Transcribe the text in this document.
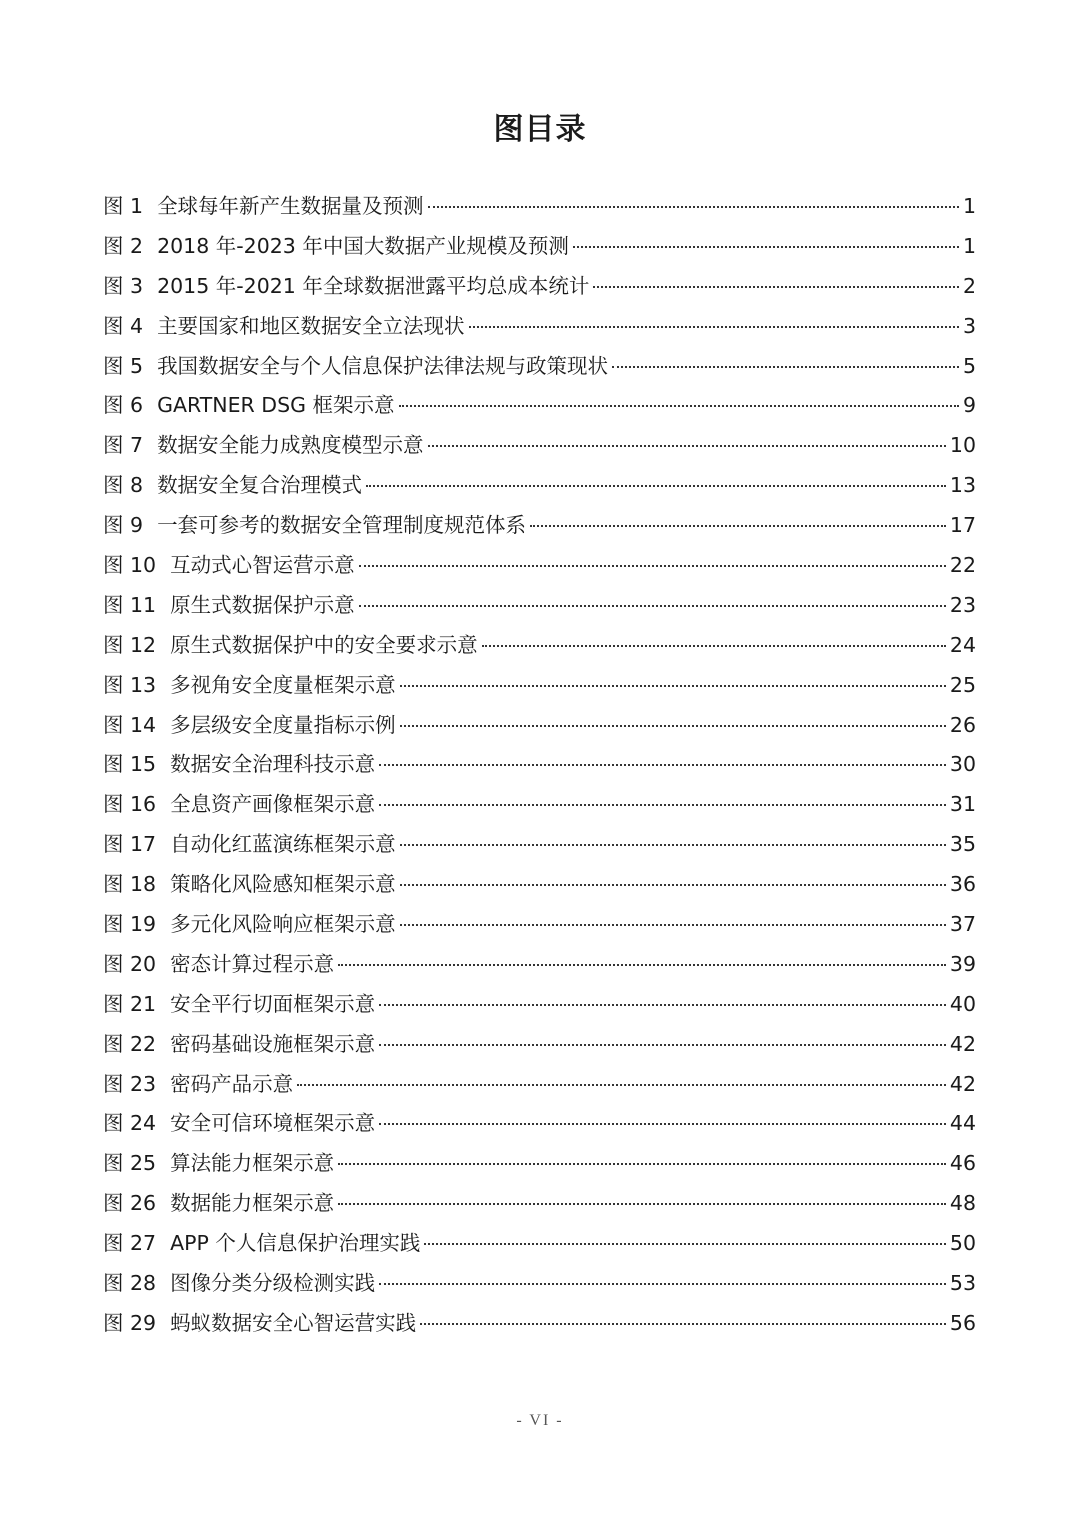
图目录
图 1 全球每年新产生数据量及预测	1
图 2 2018 年-2023 年中国大数据产业规模及预测	1
图 3 2015 年-2021 年全球数据泄露平均总成本统计	2
图 4 主要国家和地区数据安全立法现状	3
图 5 我国数据安全与个人信息保护法律法规与政策现状	5
图 6 GARTNER DSG 框架示意	9
图 7 数据安全能力成熟度模型示意	10
图 8 数据安全复合治理模式	13
图 9 一套可参考的数据安全管理制度规范体系	17
图 10 互动式心智运营示意	22
图 11 原生式数据保护示意	23
图 12 原生式数据保护中的安全要求示意	24
图 13 多视角安全度量框架示意	25
图 14 多层级安全度量指标示例	26
图 15 数据安全治理科技示意	30
图 16 全息资产画像框架示意	31
图 17 自动化红蓝演练框架示意	35
图 18 策略化风险感知框架示意	36
图 19 多元化风险响应框架示意	37
图 20 密态计算过程示意	39
图 21 安全平行切面框架示意	40
图 22 密码基础设施框架示意	42
图 23 密码产品示意	42
图 24 安全可信环境框架示意	44
图 25 算法能力框架示意	46
图 26 数据能力框架示意	48
图 27 APP 个人信息保护治理实践	50
图 28 图像分类分级检测实践	53
图 29 蚂蚁数据安全心智运营实践	56
- VI -
